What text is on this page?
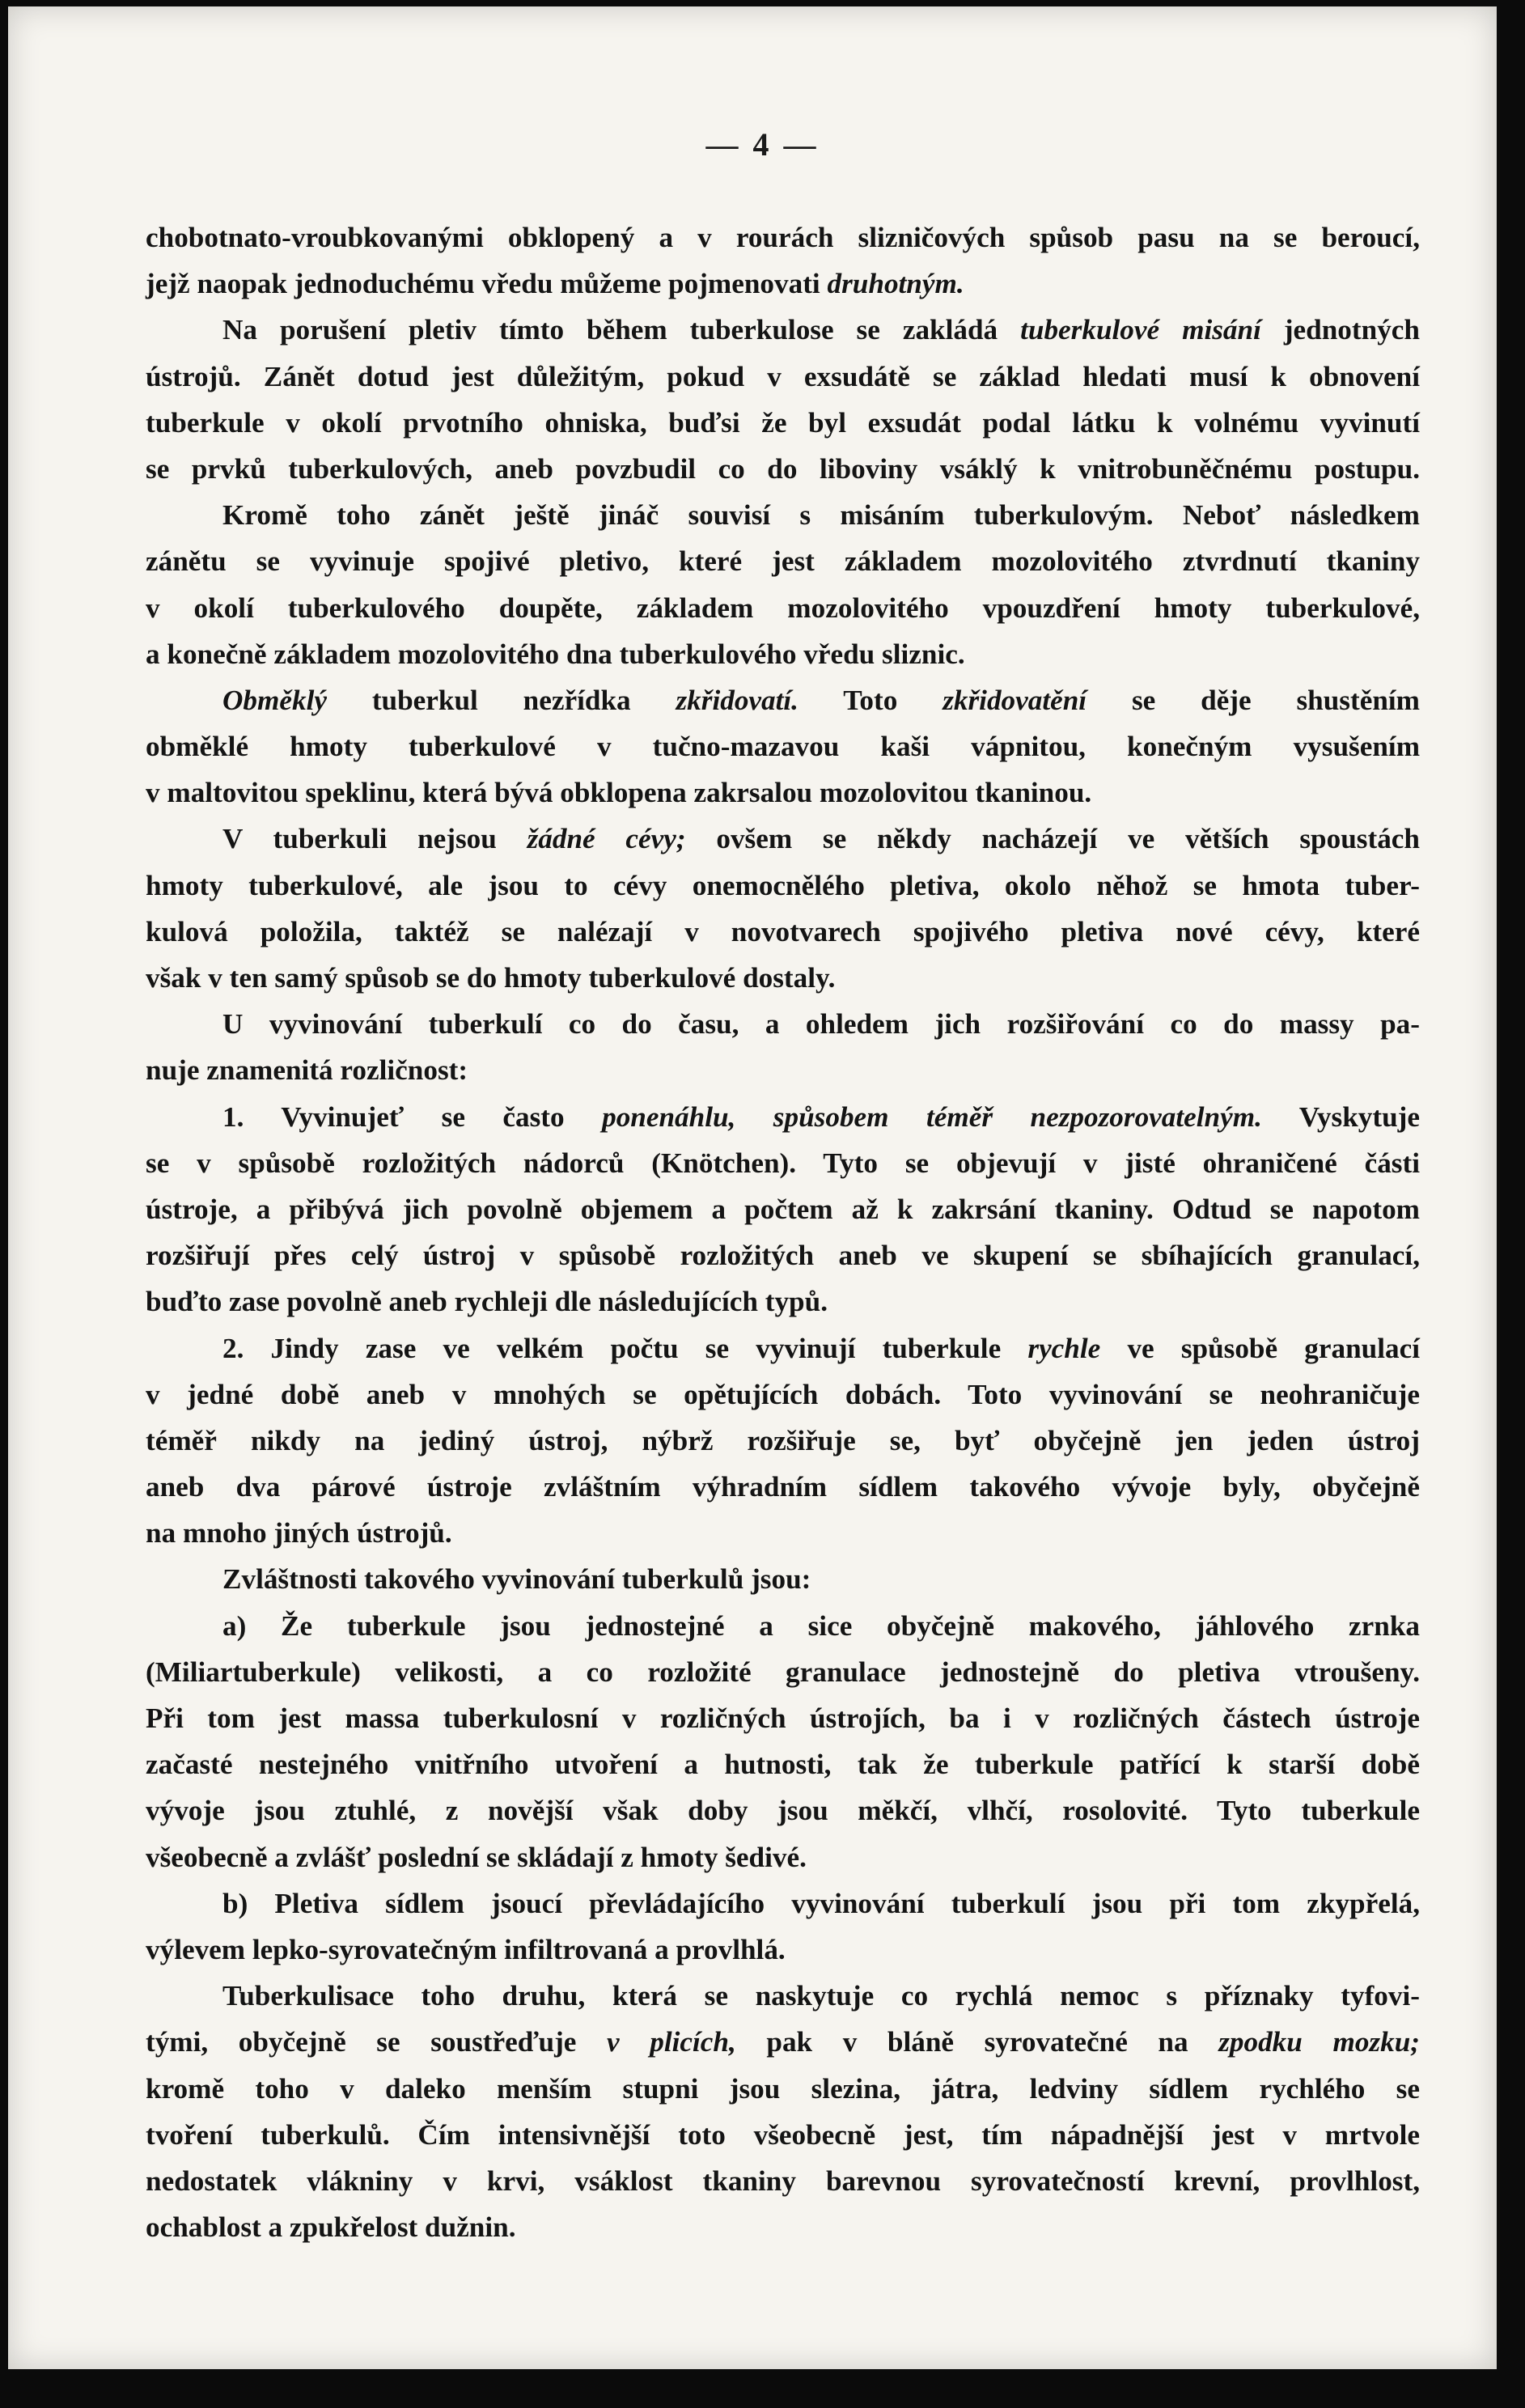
— 4 —
chobotnato-vroubkovanými obklopený a v rourách slizničových spůsob pasu na se beroucí,
jejž naopak jednoduchému vředu můžeme pojmenovati druhotným.
Na porušení pletiv tímto během tuberkulose se zakládá tuberkulové misání jednotných
ústrojů. Zánět dotud jest důležitým, pokud v exsudátě se základ hledati musí k obnovení
tuberkule v okolí prvotního ohniska, buďsi že byl exsudát podal látku k volnému vyvinutí
se prvků tuberkulových, aneb povzbudil co do liboviny vsáklý k vnitrobuněčnému postupu.
Kromě toho zánět ještě jináč souvisí s misáním tuberkulovým. Neboť následkem
zánětu se vyvinuje spojivé pletivo, které jest základem mozolovitého ztvrdnutí tkaniny
v okolí tuberkulového doupěte, základem mozolovitého vpouzdření hmoty tuberkulové,
a konečně základem mozolovitého dna tuberkulového vředu sliznic.
Obměklý tuberkul nezřídka zkřidovatí. Toto zkřidovatění se děje shustěním
obměklé hmoty tuberkulové v tučno-mazavou kaši vápnitou, konečným vysušením
v maltovitou speklinu, která bývá obklopena zakrsalou mozolovitou tkaninou.
V tuberkuli nejsou žádné cévy; ovšem se někdy nacházejí ve větších spoustách
hmoty tuberkulové, ale jsou to cévy onemocnělého pletiva, okolo něhož se hmota tuber-
kulová položila, taktéž se nalézají v novotvarech spojivého pletiva nové cévy, které
však v ten samý spůsob se do hmoty tuberkulové dostaly.
U vyvinování tuberkulí co do času, a ohledem jich rozšiřování co do massy pa-
nuje znamenitá rozličnost:
1. Vyvinujeť se často ponenáhlu, spůsobem téměř nezpozorovatelným. Vyskytuje
se v spůsobě rozložitých nádorců (Knötchen). Tyto se objevují v jisté ohraničené části
ústroje, a přibývá jich povolně objemem a počtem až k zakrsání tkaniny. Odtud se napotom
rozšiřují přes celý ústroj v spůsobě rozložitých aneb ve skupení se sbíhajících granulací,
buďto zase povolně aneb rychleji dle následujících typů.
2. Jindy zase ve velkém počtu se vyvinují tuberkule rychle ve spůsobě granulací
v jedné době aneb v mnohých se opětujících dobách. Toto vyvinování se neohraničuje
téměř nikdy na jediný ústroj, nýbrž rozšiřuje se, byť obyčejně jen jeden ústroj
aneb dva párové ústroje zvláštním výhradním sídlem takového vývoje byly, obyčejně
na mnoho jiných ústrojů.
Zvláštnosti takového vyvinování tuberkulů jsou:
a) Že tuberkule jsou jednostejné a sice obyčejně makového, jáhlového zrnka
(Miliartuberkule) velikosti, a co rozložité granulace jednostejně do pletiva vtroušeny.
Při tom jest massa tuberkulosní v rozličných ústrojích, ba i v rozličných částech ústroje
začasté nestejného vnitřního utvoření a hutnosti, tak že tuberkule patřící k starší době
vývoje jsou ztuhlé, z novější však doby jsou měkčí, vlhčí, rosolovité. Tyto tuberkule
všeobecně a zvlášť poslední se skládají z hmoty šedivé.
b) Pletiva sídlem jsoucí převládajícího vyvinování tuberkulí jsou při tom zkypřelá,
výlevem lepko-syrovatečným infiltrovaná a provlhlá.
Tuberkulisace toho druhu, která se naskytuje co rychlá nemoc s příznaky tyfovi-
tými, obyčejně se soustřeďuje v plicích, pak v bláně syrovatečné na zpodku mozku;
kromě toho v daleko menším stupni jsou slezina, játra, ledviny sídlem rychlého se
tvoření tuberkulů. Čím intensivnější toto všeobecně jest, tím nápadnější jest v mrtvole
nedostatek vlákniny v krvi, vsáklost tkaniny barevnou syrovatečností krevní, provlhlost,
ochablost a zpukřelost dužnin.
